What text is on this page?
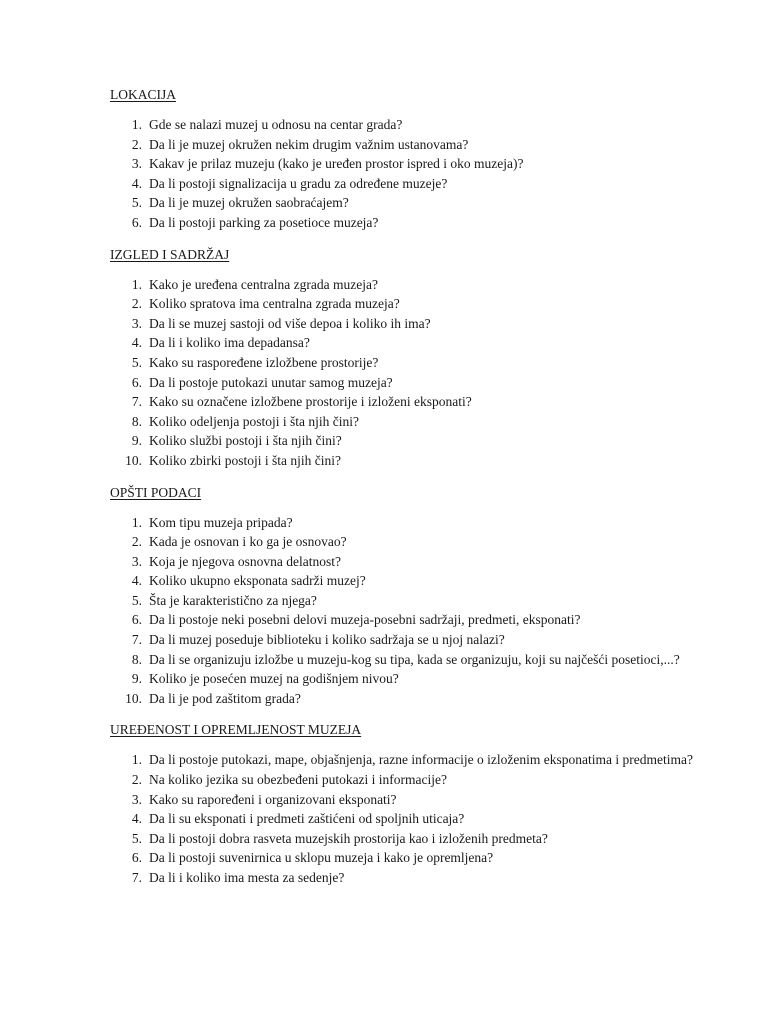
LOKACIJA
1. Gde se nalazi muzej u odnosu na centar grada?
2. Da li je muzej okružen nekim drugim važnim ustanovama?
3. Kakav je prilaz muzeju (kako je uređen prostor ispred i oko muzeja)?
4. Da li postoji signalizacija u gradu za određene muzeje?
5. Da li je muzej okružen saobraćajem?
6. Da li postoji parking za posetioce muzeja?
IZGLED I SADRŽAJ
1. Kako je uređena centralna zgrada muzeja?
2. Koliko spratova ima centralna zgrada muzeja?
3. Da li se muzej sastoji od više depoa i koliko ih ima?
4. Da li i koliko ima depadansa?
5. Kako su raspoređene izložbene prostorije?
6. Da li postoje putokazi unutar samog muzeja?
7. Kako su označene izložbene prostorije i izloženi eksponati?
8. Koliko odeljenja postoji i šta njih čini?
9. Koliko službi postoji i šta njih čini?
10. Koliko zbirki postoji i šta njih čini?
OPŠTI PODACI
1. Kom tipu muzeja pripada?
2. Kada je osnovan i ko ga je osnovao?
3. Koja je njegova osnovna delatnost?
4. Koliko ukupno eksponata sadrži muzej?
5. Šta je karakteristično za njega?
6. Da li postoje neki posebni delovi muzeja-posebni sadržaji, predmeti, eksponati?
7. Da li muzej poseduje biblioteku i koliko sadržaja se u njoj nalazi?
8. Da li se organizuju izložbe u muzeju-kog su tipa, kada se organizuju, koji su najčešći posetioci,...?
9. Koliko je posećen muzej na godišnjem nivou?
10. Da li je pod zaštitom grada?
UREĐENOST I OPREMLJENOST MUZEJA
1. Da li postoje putokazi, mape, objašnjenja, razne informacije o izloženim eksponatima i predmetima?
2. Na koliko jezika su obezbeđeni putokazi i informacije?
3. Kako su rapoređeni i organizovani eksponati?
4. Da li su eksponati i predmeti zaštićeni od spoljnih uticaja?
5. Da li postoji dobra rasveta muzejskih prostorija kao i izloženih predmeta?
6. Da li postoji suvenirnica u sklopu muzeja i kako je opremljena?
7. Da li i koliko ima mesta za sedenje?
